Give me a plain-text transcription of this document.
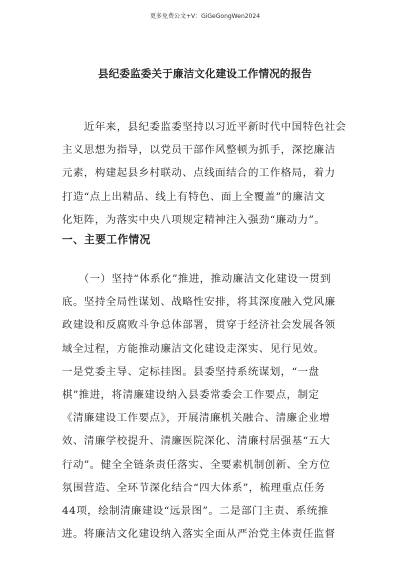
更多免费公文+V：GiGeGongWen2024
县纪委监委关于廉洁文化建设工作情况的报告
　　近年来，县纪委监委坚持以习近平新时代中国特色社会
主义思想为指导，以党员干部作风整顿为抓手，深挖廉洁
元素，构建起县乡村联动、点线面结合的工作格局，着力
打造“点上出精品、线上有特色、面上全覆盖”的廉洁文
化矩阵，为落实中央八项规定精神注入强劲“廉动力”。
一、主要工作情况
　　（一）坚持“体系化”推进，推动廉洁文化建设一贯到
底。坚持全局性谋划、战略性安排，将其深度融入党风廉
政建设和反腐败斗争总体部署，贯穿于经济社会发展各领
域全过程，方能推动廉洁文化建设走深实、见行见效。
一是党委主导、定标挂图。县委坚持系统谋划，“一盘
棋”推进，将清廉建设纳入县委常委会工作要点，制定
《清廉建设工作要点》，开展清廉机关融合、清廉企业增
效、清廉学校提升、清廉医院深化、清廉村居强基“五大
行动”。健全全链条责任落实、全要素机制创新、全方位
氛围营造、全环节深化结合“四大体系”，梳理重点任务
44项，绘制清廉建设“远景图”。二是部门主责、系统推
进。将廉洁文化建设纳入落实全面从严治党主体责任监督
